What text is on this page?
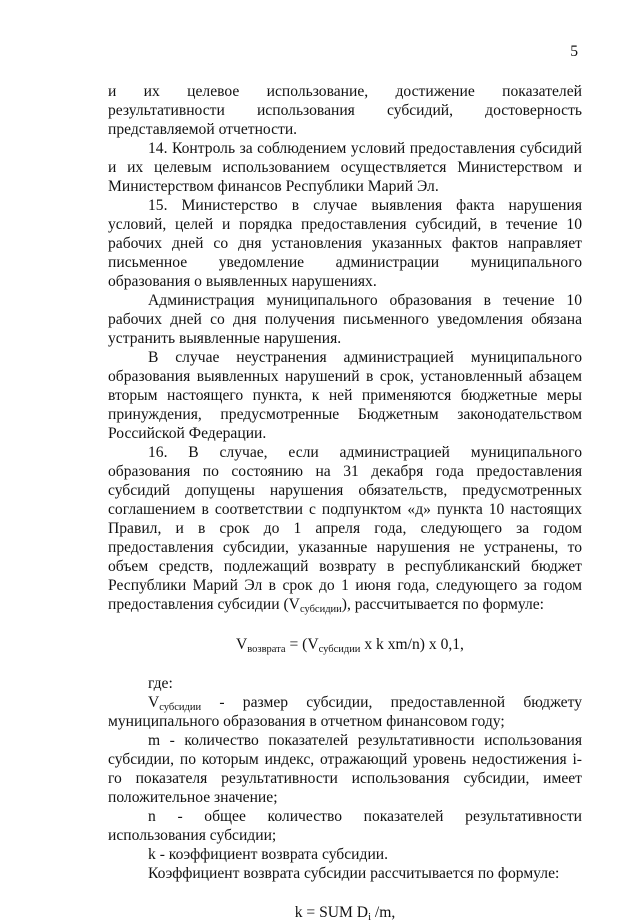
5

и их целевое использование, достижение показателей результативности использования субсидий, достоверность представляемой отчетности.

14. Контроль за соблюдением условий предоставления субсидий и их целевым использованием осуществляется Министерством и Министерством финансов Республики Марий Эл.

15. Министерство в случае выявления факта нарушения условий, целей и порядка предоставления субсидий, в течение 10 рабочих дней со дня установления указанных фактов направляет письменное уведомление администрации муниципального образования о выявленных нарушениях.

Администрация муниципального образования в течение 10 рабочих дней со дня получения письменного уведомления обязана устранить выявленные нарушения.

В случае неустранения администрацией муниципального образования выявленных нарушений в срок, установленный абзацем вторым настоящего пункта, к ней применяются бюджетные меры принуждения, предусмотренные Бюджетным законодательством Российской Федерации.

16. В случае, если администрацией муниципального образования по состоянию на 31 декабря года предоставления субсидий допущены нарушения обязательств, предусмотренных соглашением в соответствии с подпунктом «д» пункта 10 настоящих Правил, и в срок до 1 апреля года, следующего за годом предоставления субсидии, указанные нарушения не устранены, то объем средств, подлежащий возврату в республиканский бюджет Республики Марий Эл в срок до 1 июня года, следующего за годом предоставления субсидии $(V_{субсидии})$, рассчитывается по формуле:

$V_{возврата} = (V_{субсидии}$ x k xm/n) x 0,1,

где:

$V_{субсидии}$ - размер субсидии, предоставленной бюджету муниципального образования в отчетном финансовом году;

m - количество показателей результативности использования субсидии, по которым индекс, отражающий уровень недостижения i-го показателя результативности использования субсидии, имеет положительное значение;

n - общее количество показателей результативности использования субсидии;

k - коэффициент возврата субсидии.

Коэффициент возврата субсидии рассчитывается по формуле:

k = SUM $D_i$ /m,
